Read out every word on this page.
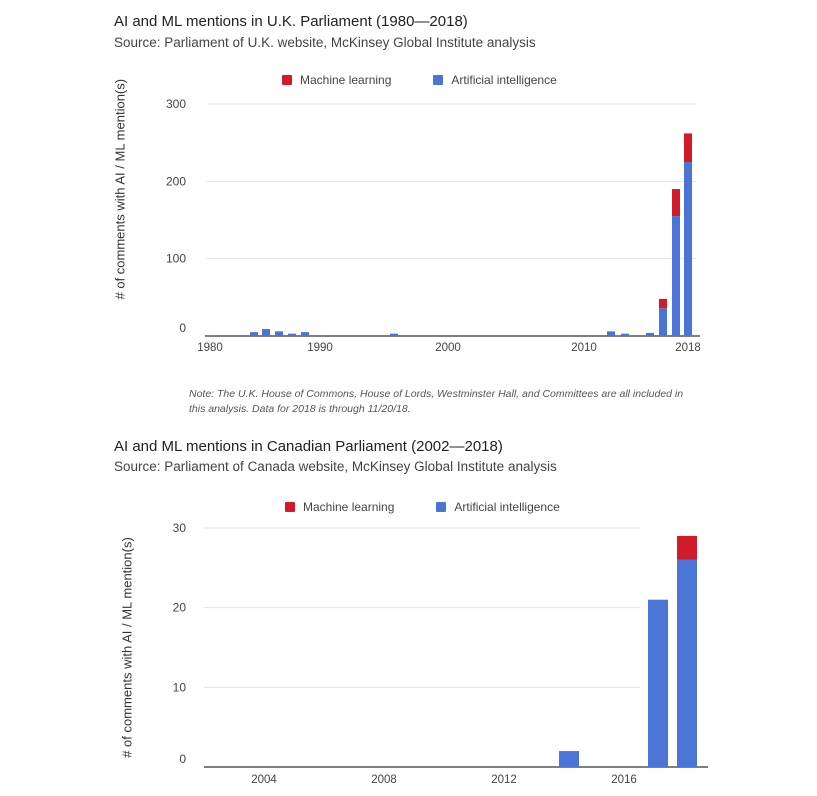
AI and ML mentions in U.K. Parliament (1980—2018)
Source: Parliament of U.K. website, McKinsey Global Institute analysis
Machine learning	Artificial intelligence
# of comments with AI / ML mention(s)
Note: The U.K. House of Commons, House of Lords, Westminster Hall, and Committees are all included in this analysis. Data for 2018 is through 11/20/18.
AI and ML mentions in Canadian Parliament (2002—2018)
Source: Parliament of Canada website, McKinsey Global Institute analysis
Machine learning	Artificial intelligence
# of comments with AI / ML mention(s)
0
100
200
300
1980	1990	2000	2010	2018
0
10
20
30
2004	2008	2012	2016
